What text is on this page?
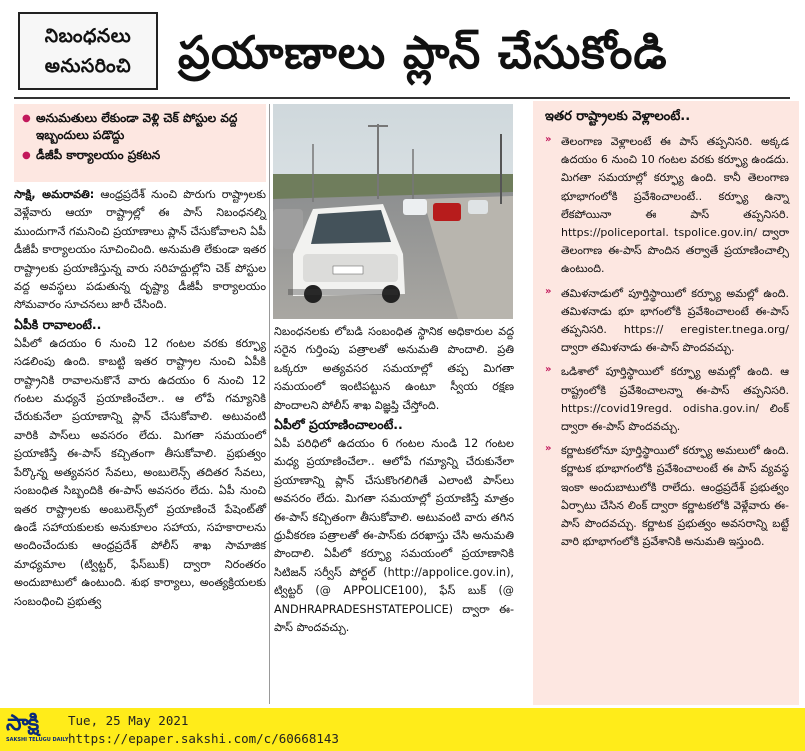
నిబంధనలు
అనుసరించి ప్రయాణాలు ప్లాన్ చేసుకోండి
● అనుమతులు లేకుండా వెళ్లి చెక్ పోస్టుల వద్ద ఇబ్బందులు పడొద్దు
● డీజీపీ కార్యాలయం ప్రకటన

సాక్షి, అమరావతి: ఆంధ్రప్రదేశ్ నుంచి పొరుగు రాష్ట్రాలకు వెళ్లేవారు ఆయా రాష్ట్రాల్లో ఈ పాస్ నిబంధనల్ని ముందుగానే గమనించి ప్రయాణాలు ప్లాన్ చేసుకోవాలని ఏపీ డీజీపీ కార్యాలయం సూచించింది. అనుమతి లేకుండా ఇతర రాష్ట్రాలకు ప్రయాణిస్తున్న వారు సరిహద్దుల్లోని చెక్ పోస్టుల వద్ద అవస్థలు పడుతున్న దృష్ట్యా డీజీపీ కార్యాలయం సోమవారం సూచనలు జారీ చేసింది.

ఏపీకి రావాలంటే..

ఏపీలో ఉదయం 6 నుంచి 12 గంటల వరకు కర్ఫ్యూ సడలింపు ఉంది. కాబట్టి ఇతర రాష్ట్రాల నుంచి ఏపీకి రాష్ట్రానికి రావాలనుకొనే వారు ఉదయం 6 నుంచి 12 గంటల మధ్యనే ప్రయాణించేలా.. ఆ లోపే గమ్యానికి చేరుకునేలా ప్రయాణాన్ని ప్లాన్ చేసుకోవాలి. అటువంటి వారికి పాస్‌లు అవసరం లేదు. మిగతా సమయంలో ప్రయాణిస్తే ఈ-పాస్ కచ్చితంగా తీసుకోవాలి. ప్రభుత్వం పేర్కొన్న అత్యవసర సేవలు, అంబులెన్స్ తదితర సేవలు, సంబంధిత సిబ్బందికి ఈ-పాస్ అవసరం లేదు. ఏపీ నుంచి ఇతర రాష్ట్రాలకు అంబులెన్స్‌లో ప్రయాణించే పేషెంట్‌తో ఉండే సహాయకులకు అనుకూలం సహాయ, సహకారాలను అందించేందుకు ఆంధ్రప్రదేశ్ పోలీస్ శాఖ సామాజిక మాధ్యమాల (ట్విట్టర్, ఫేస్‌బుక్) ద్వారా నిరంతరం అందుబాటులో ఉంటుంది. శుభ కార్యాలు, అంత్యక్రియలకు సంబంధించి ప్రభుత్వ

నిబంధనలకు లోబడి సంబంధిత స్థానిక అధికారుల వద్ద సరైన గుర్తింపు పత్రాలతో అనుమతి పొందాలి. ప్రతి ఒక్కరూ అత్యవసర సమయాల్లో తప్ప మిగతా సమయంలో ఇంటిపట్టున ఉంటూ స్వీయ రక్షణ పొందాలని పోలీస్ శాఖ విజ్ఞప్తి చేస్తోంది.

ఏపీలో ప్రయాణించాలంటే..

ఏపీ పరిధిలో ఉదయం 6 గంటల నుండి 12 గంటల మధ్య ప్రయాణించేలా.. ఆలోపే గమ్యాన్ని చేరుకునేలా ప్రయాణాన్ని ప్లాన్ చేసుకొంగలిగితే ఎలాంటి పాస్‌లు అవసరం లేదు. మిగతా సమయాల్లో ప్రయాణిస్తే మాత్రం ఈ-పాస్ కచ్చితంగా తీసుకోవాలి. అటువంటి వారు తగిన ధ్రువీకరణ పత్రాలతో ఈ-పాస్‌కు దరఖాస్తు చేసి అనుమతి పొందాలి. ఏపీలో కర్ఫ్యూ సమయంలో ప్రయాణానికి సిటిజన్ సర్వీస్ పోర్టల్ (http://appolice.gov.in), ట్విట్టర్ (@ APPOLICE100), ఫేస్ బుక్ (@ ANDHRAPRADESHSTATEPOLICE) ద్వారా ఈ-పాస్ పొందవచ్చు.

ఇతర రాష్ట్రాలకు వెళ్లాలంటే..

» తెలంగాణ వెళ్లాలంటే ఈ పాస్ తప్పనిసరి. అక్కడ ఉదయం 6 నుంచి 10 గంటల వరకు కర్ఫ్యూ ఉండదు. మిగతా సమయాల్లో కర్ఫ్యూ ఉంది. కానీ తెలంగాణ భూభాగంలోకి ప్రవేశించాలంటే.. కర్ఫ్యూ ఉన్నా లేకపోయినా ఈ పాస్ తప్పనిసరి. https://policeportal. tspolice.gov.in/ ద్వారా తెలంగాణ ఈ-పాస్ పొందిన తర్వాతే ప్రయాణించాల్సి ఉంటుంది.

» తమిళనాడులో పూర్తిస్థాయిలో కర్ఫ్యూ అమల్లో ఉంది. తమిళనాడు భూ భాగంలోకి ప్రవేశించాలంటే ఈ-పాస్ తప్పనిసరి. https:// eregister.tnega.org/ ద్వారా తమిళనాడు ఈ-పాస్ పొందవచ్చు.

» ఒడిశాలో పూర్తిస్థాయిలో కర్ఫ్యూ అమల్లో ఉంది. ఆ రాష్ట్రంలోకి ప్రవేశించాలన్నా ఈ-పాస్ తప్పనిసరి. https://covid19regd. odisha.gov.in/ లింక్ ద్వారా ఈ-పాస్ పొందవచ్చు.

» కర్ణాటకలోనూ పూర్తిస్థాయిలో కర్ఫ్యూ అమలులో ఉంది. కర్ణాటక భూభాగంలోకి ప్రవేశించాలంటే ఈ పాస్ వ్యవస్థ ఇంకా అందుబాటులోకి రాలేదు. ఆంధ్రప్రదేశ్ ప్రభుత్వం ఏర్పాటు చేసిన లింక్ ద్వారా కర్ణాటకలోకి వెళ్లేవారు ఈ-పాస్ పొందవచ్చు. కర్ణాటక ప్రభుత్వం అవసరాన్ని బట్టే వారి భూభాగంలోకి ప్రవేశానికి అనుమతి ఇస్తుంది.

సాక్షి
SAKSHI TELUGU DAILY
Tue, 25 May 2021
https://epaper.sakshi.com/c/60668143
